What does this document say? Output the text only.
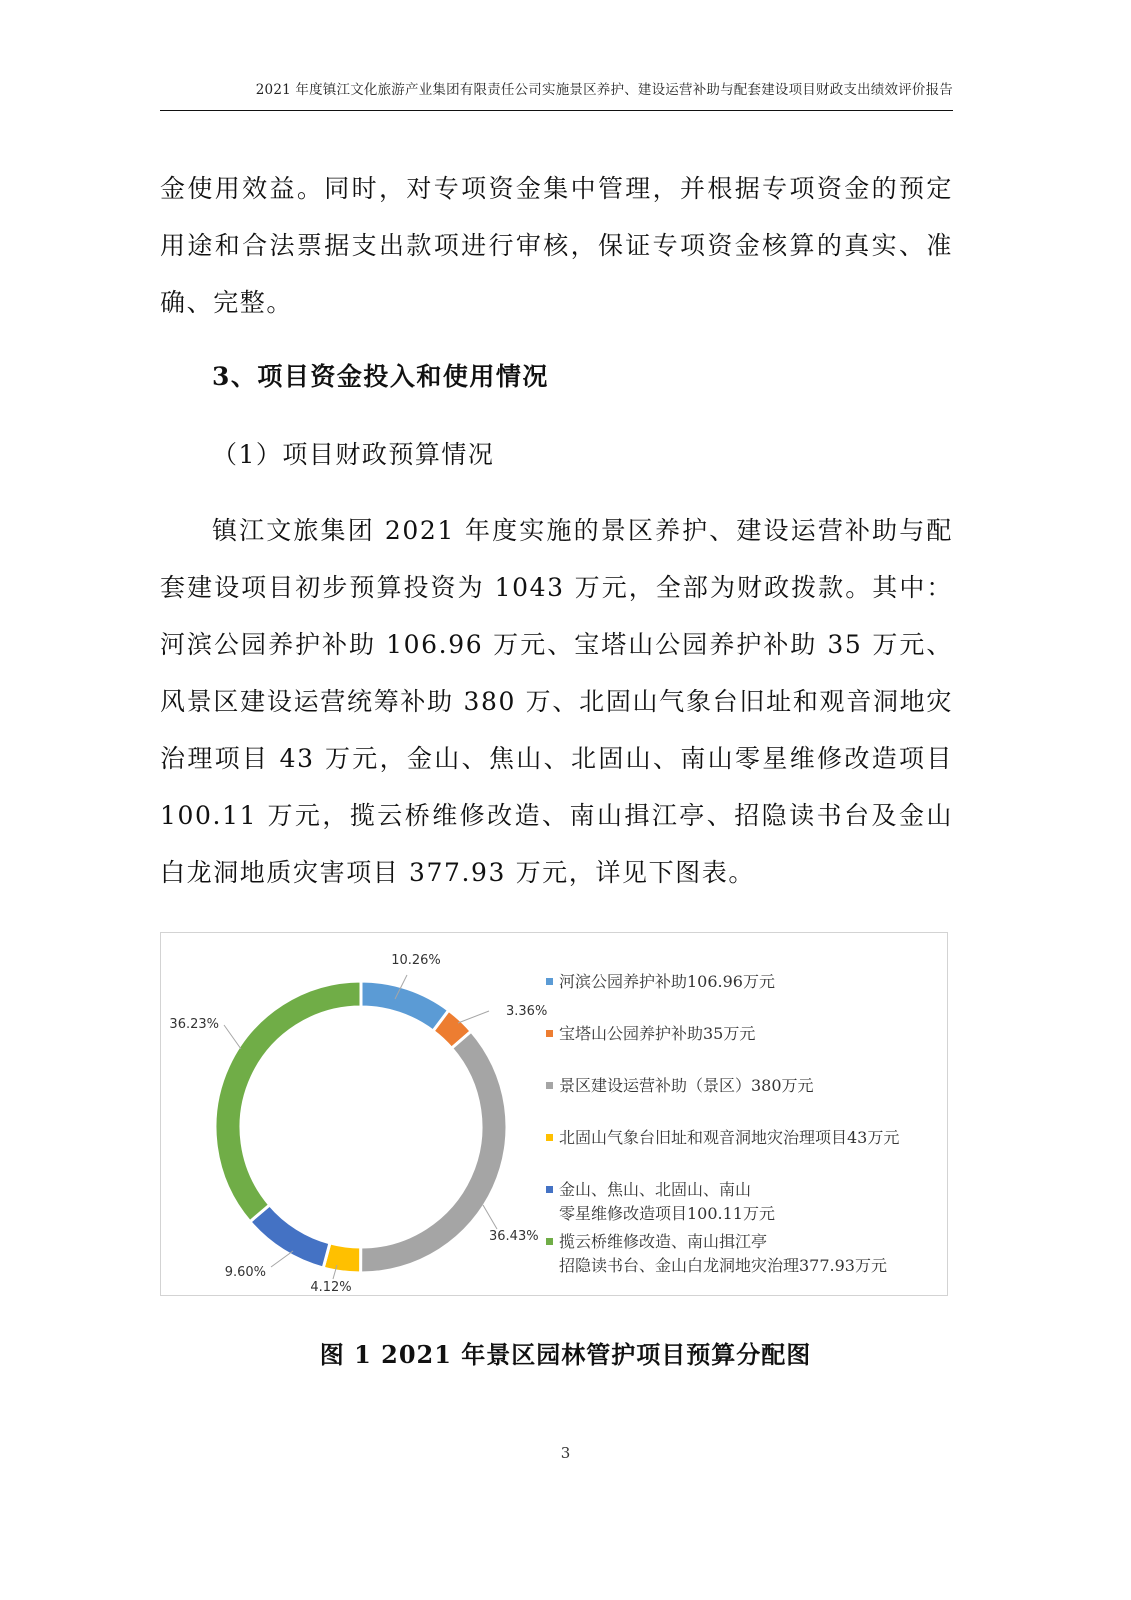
2021 年度镇江文化旅游产业集团有限责任公司实施景区养护、建设运营补助与配套建设项目财政支出绩效评价报告

金使用效益。同时，对专项资金集中管理，并根据专项资金的预定用途和合法票据支出款项进行审核，保证专项资金核算的真实、准确、完整。

3、项目资金投入和使用情况

（1）项目财政预算情况

镇江文旅集团 2021 年度实施的景区养护、建设运营补助与配套建设项目初步预算投资为 1043 万元，全部为财政拨款。其中：河滨公园养护补助 106.96 万元、宝塔山公园养护补助 35 万元、风景区建设运营统筹补助 380 万、北固山气象台旧址和观音洞地灾治理项目 43 万元，金山、焦山、北固山、南山零星维修改造项目 100.11 万元，揽云桥维修改造、南山揖江亭、招隐读书台及金山白龙洞地质灾害项目 377.93 万元，详见下图表。

10.26%
3.36%
36.43%
4.12%
9.60%
36.23%
河滨公园养护补助106.96万元
宝塔山公园养护补助35万元
景区建设运营补助（景区）380万元
北固山气象台旧址和观音洞地灾治理项目43万元
金山、焦山、北固山、南山
零星维修改造项目100.11万元
揽云桥维修改造、南山揖江亭
招隐读书台、金山白龙洞地灾治理377.93万元
图 1 2021 年景区园林管护项目预算分配图
3
